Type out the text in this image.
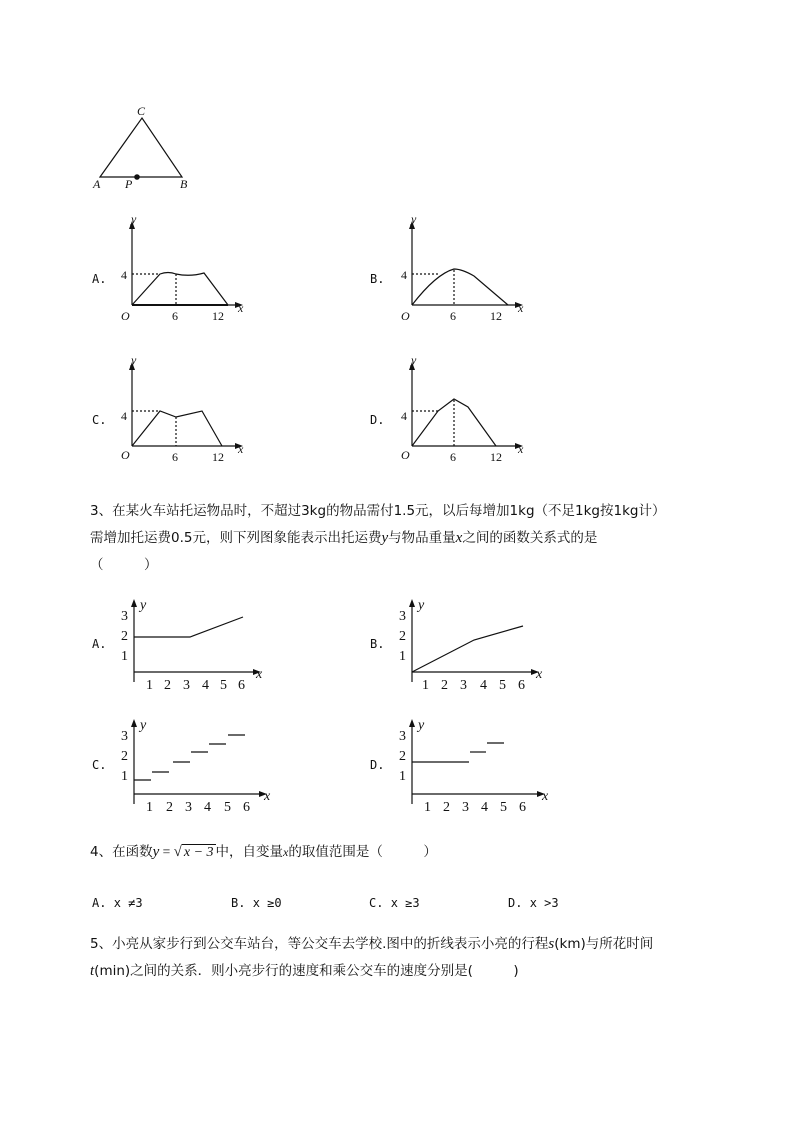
C
A P	B
A.
y
x
O
4
6	12
B.
y
x
O
4
6	12
C.
y
x
O
4
6	12
D.
y
x
O
4
6	12
3、在某火车站托运物品时，不超过3kg的物品需付1.5元，以后每增加1kg（不足1kg按1kg计）
需增加托运费0.5元，则下列图象能表示出托运费y与物品重量x之间的函数关系式的是
（　　　）
A.
y
x
3
2
1
1 2 3 4 5 6
B.
y
x
3
2
1
1 2 3 4 5 6
C.
y
x
3
2
1
1 2 3 4 5 6
D.
y
x
3
2
1
1 2 3 4 5 6
4、在函数y = √ x − 3 中，自变量x的取值范围是（　　　）
A. x ≠3	B. x ≥0	C. x ≥3	D. x >3
5、小亮从家步行到公交车站台，等公交车去学校.图中的折线表示小亮的行程s(km)与所花时间
t(min)之间的关系．则小亮步行的速度和乘公交车的速度分别是(　　　)
